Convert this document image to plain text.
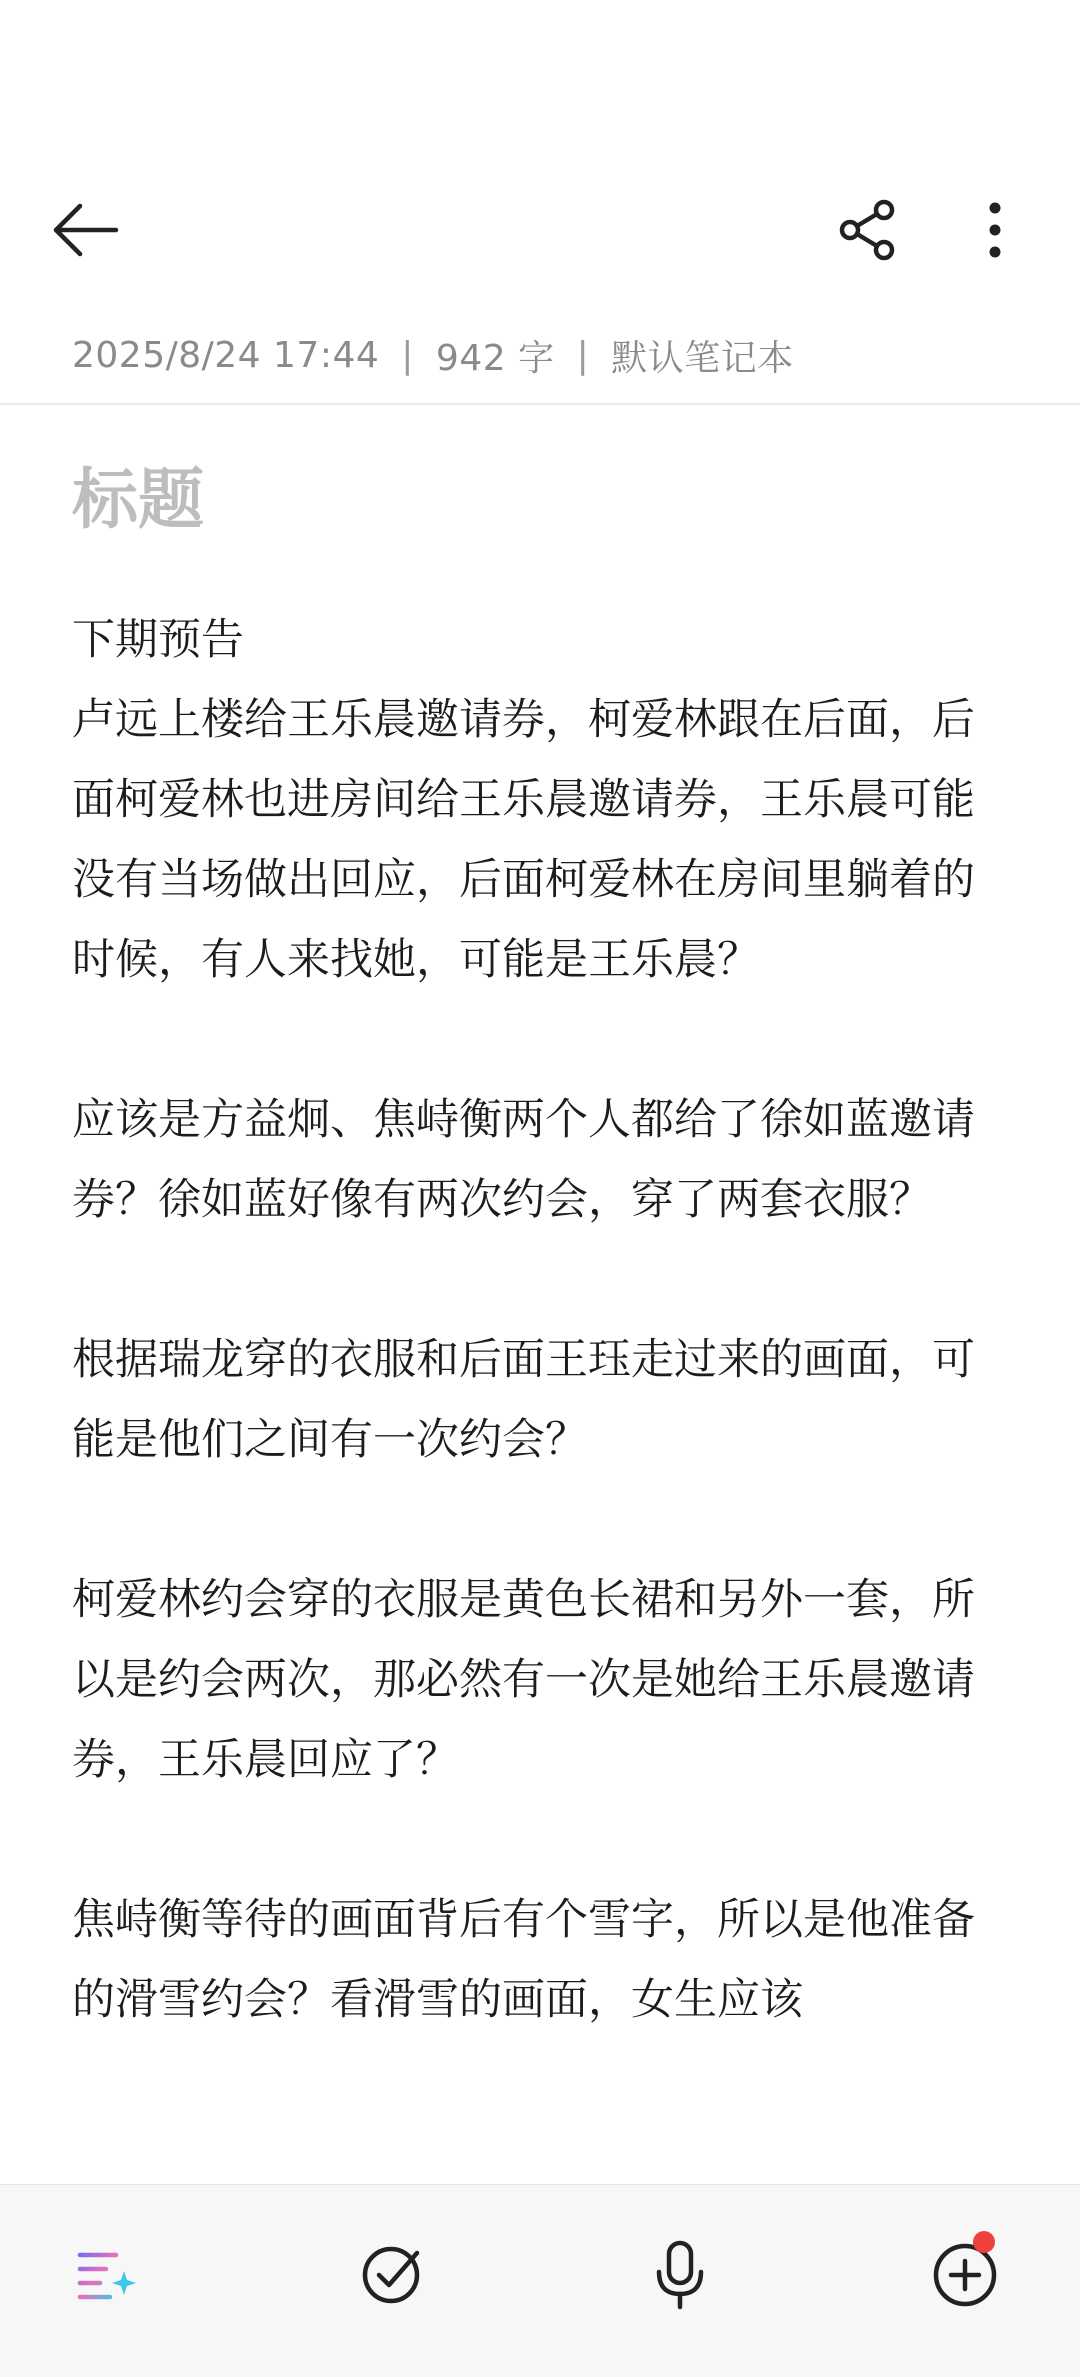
2025/8/24 17:44 | 942 字 | 默认笔记本
标题

下期预告
卢远上楼给王乐晨邀请券，柯爱林跟在后面，后面柯爱林也进房间给王乐晨邀请券，王乐晨可能没有当场做出回应，后面柯爱林在房间里躺着的时候，有人来找她，可能是王乐晨？

应该是方益炯、焦峙衡两个人都给了徐如蓝邀请券？徐如蓝好像有两次约会，穿了两套衣服？

根据瑞龙穿的衣服和后面王珏走过来的画面，可能是他们之间有一次约会？

柯爱林约会穿的衣服是黄色长裙和另外一套，所以是约会两次，那必然有一次是她给王乐晨邀请券，王乐晨回应了？

焦峙衡等待的画面背后有个雪字，所以是他准备的滑雪约会？看滑雪的画面，女生应该
